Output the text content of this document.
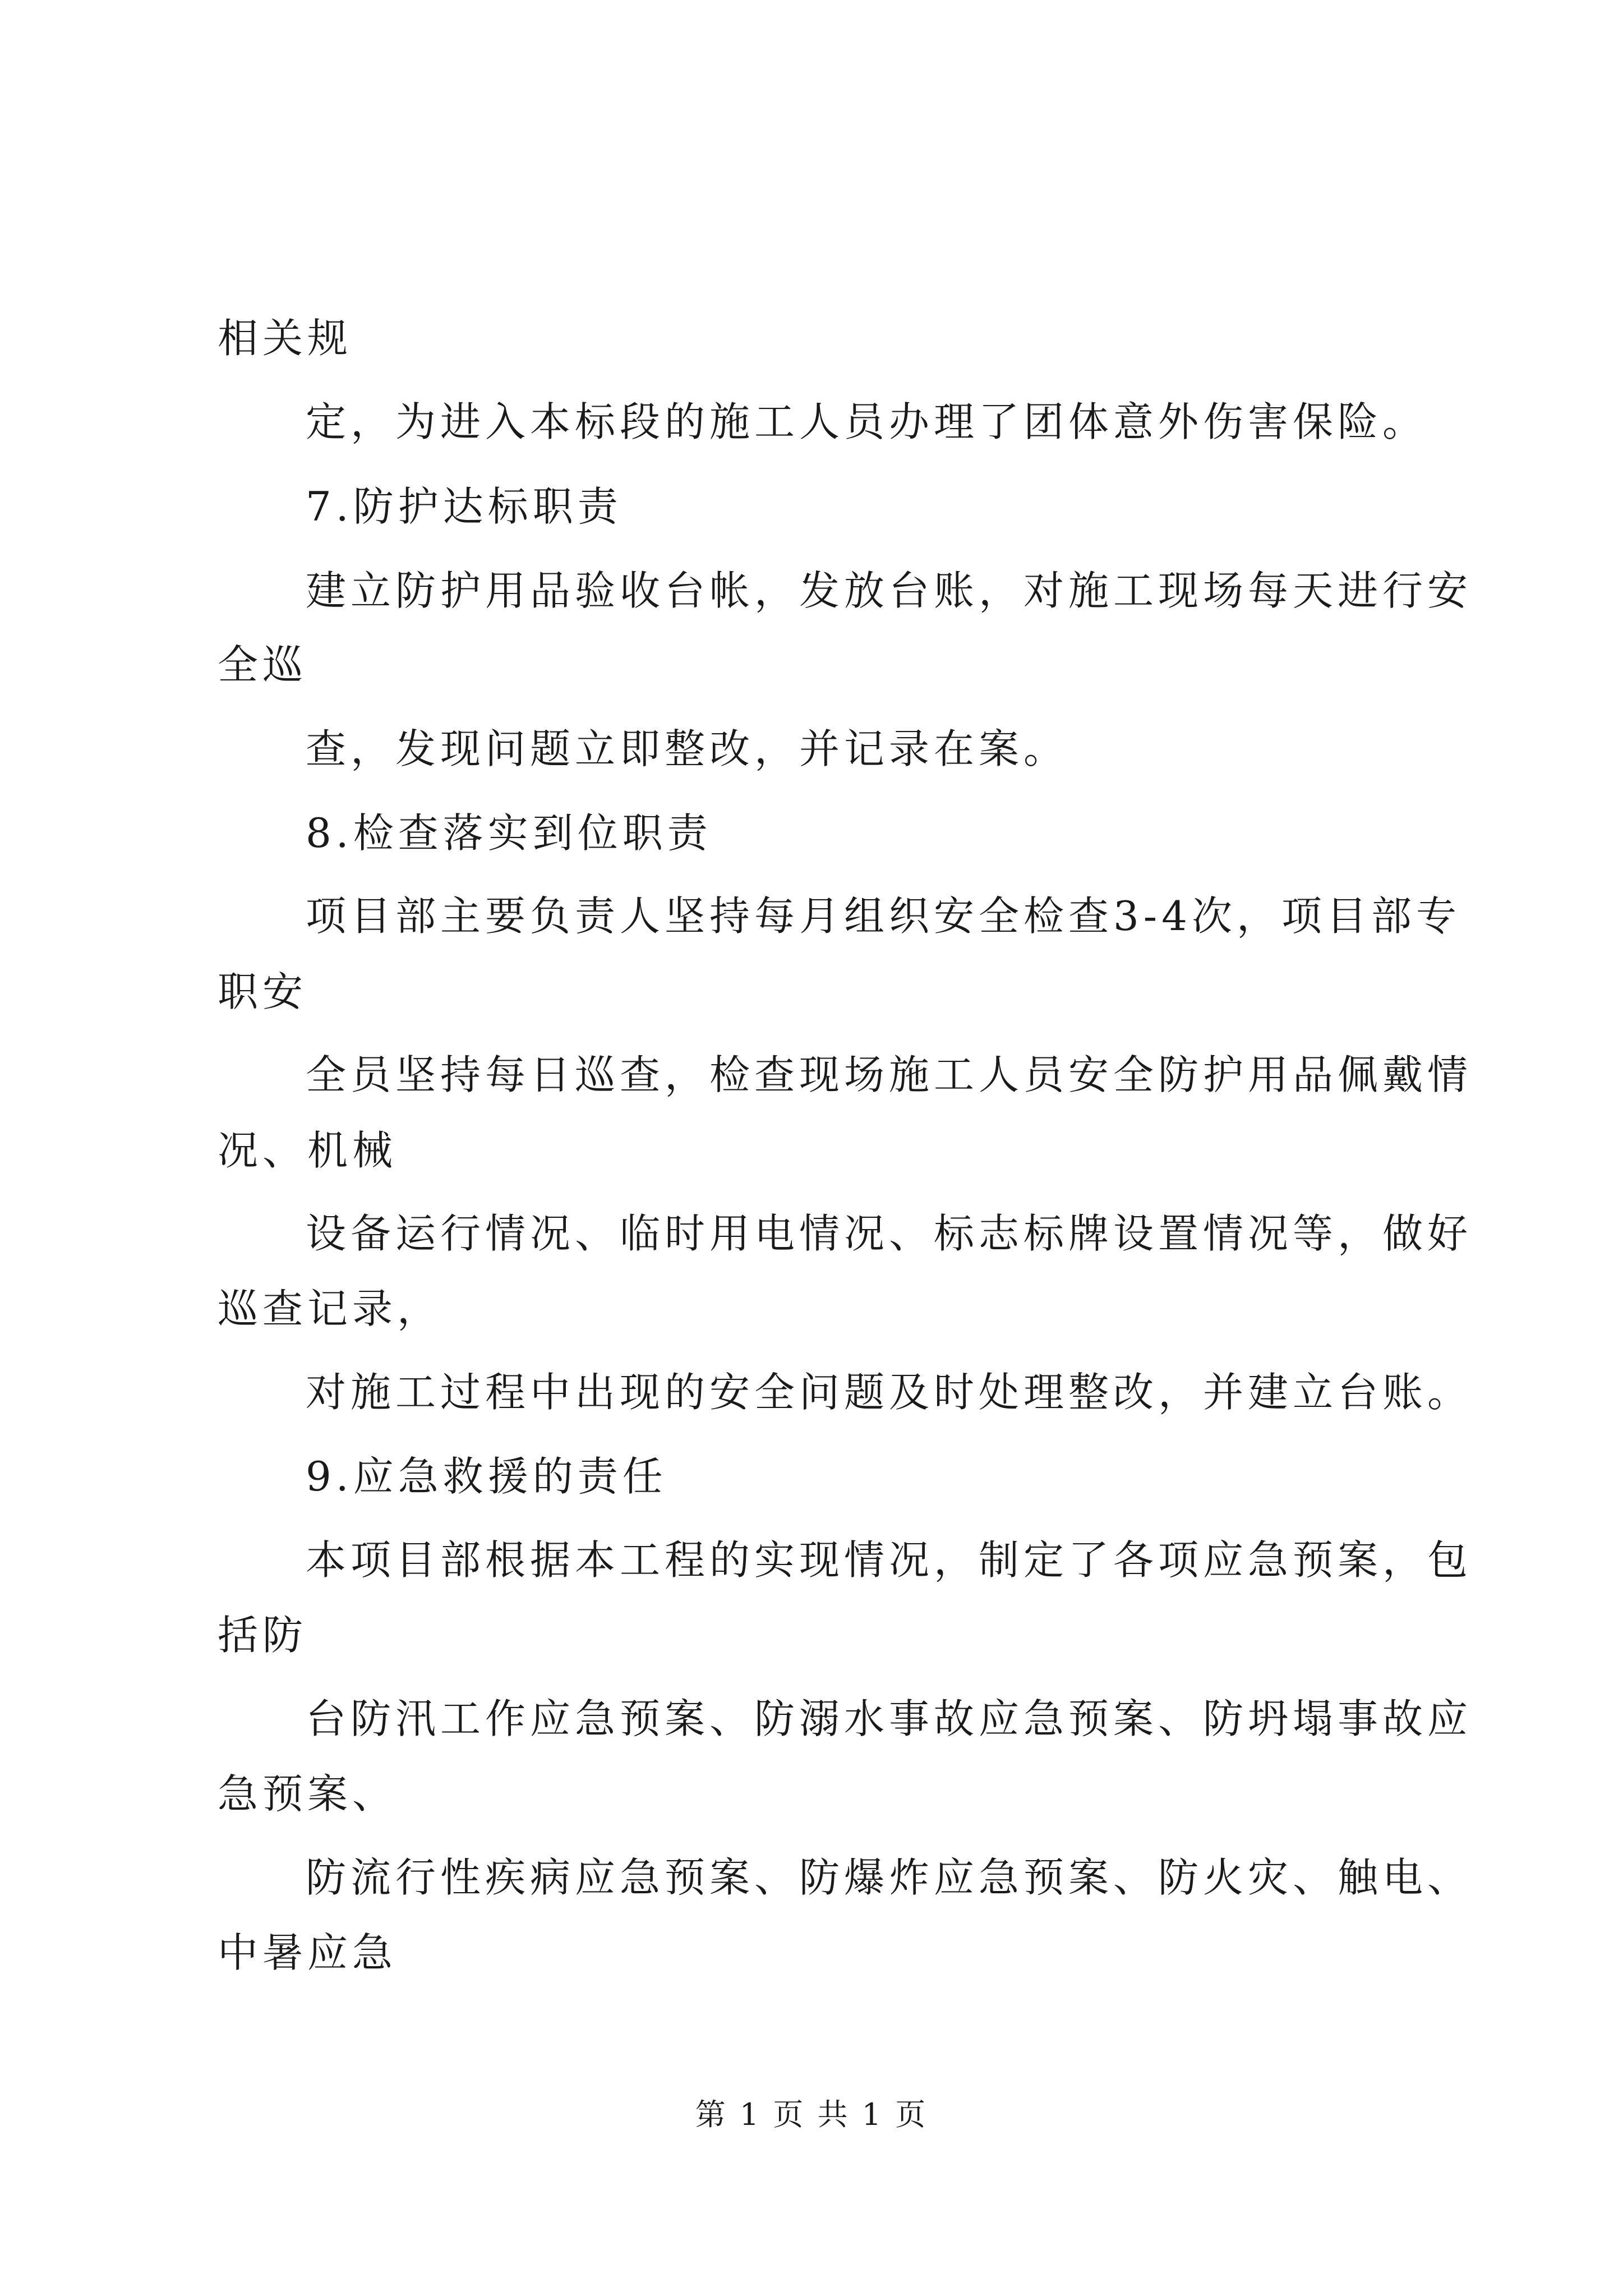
相关规
定，为进入本标段的施工人员办理了团体意外伤害保险。
7.防护达标职责
建立防护用品验收台帐，发放台账，对施工现场每天进行安
全巡
查，发现问题立即整改，并记录在案。
8.检查落实到位职责
项目部主要负责人坚持每月组织安全检查3-4次，项目部专
职安
全员坚持每日巡查，检查现场施工人员安全防护用品佩戴情
况、机械
设备运行情况、临时用电情况、标志标牌设置情况等，做好
巡查记录，
对施工过程中出现的安全问题及时处理整改，并建立台账。
9.应急救援的责任
本项目部根据本工程的实现情况，制定了各项应急预案，包
括防
台防汛工作应急预案、防溺水事故应急预案、防坍塌事故应
急预案、
防流行性疾病应急预案、防爆炸应急预案、防火灾、触电、
中暑应急
第 1 页 共 1 页
